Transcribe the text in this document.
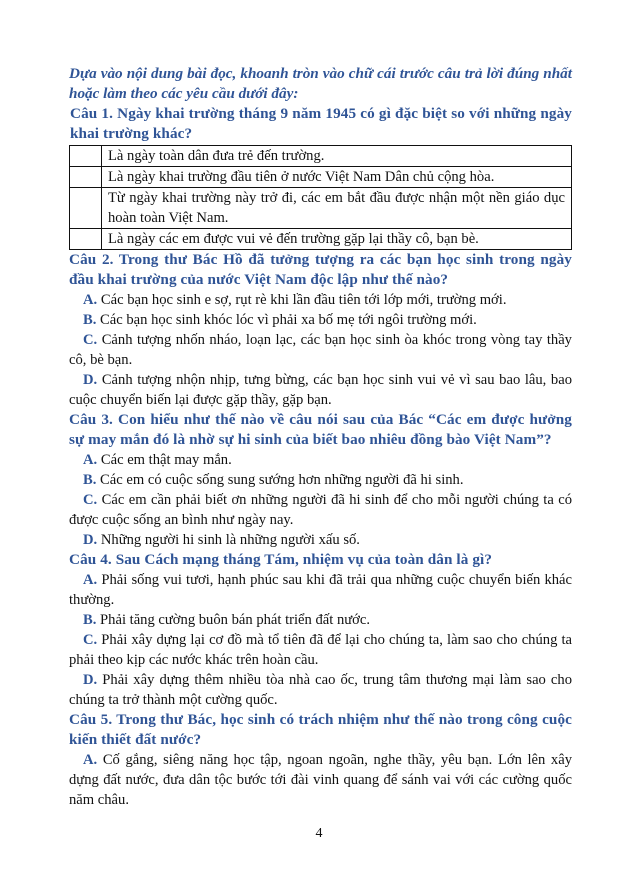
Dựa vào nội dung bài đọc, khoanh tròn vào chữ cái trước câu trả lời đúng nhất hoặc làm theo các yêu cầu dưới đây:

Câu 1. Ngày khai trường tháng 9 năm 1945 có gì đặc biệt so với những ngày khai trường khác?

	Là ngày toàn dân đưa trẻ đến trường.
	Là ngày khai trường đầu tiên ở nước Việt Nam Dân chủ cộng hòa.
	Từ ngày khai trường này trở đi, các em bắt đầu được nhận một nền giáo dục hoàn toàn Việt Nam.
	Là ngày các em được vui vẻ đến trường gặp lại thầy cô, bạn bè.

Câu 2. Trong thư Bác Hồ đã tưởng tượng ra các bạn học sinh trong ngày đầu khai trường của nước Việt Nam độc lập như thế nào?

A. Các bạn học sinh e sợ, rụt rè khi lần đầu tiên tới lớp mới, trường mới.

B. Các bạn học sinh khóc lóc vì phải xa bố mẹ tới ngôi trường mới.

C. Cảnh tượng nhốn nháo, loạn lạc, các bạn học sinh òa khóc trong vòng tay thầy cô, bè bạn.

D. Cảnh tượng nhộn nhịp, tưng bừng, các bạn học sinh vui vẻ vì sau bao lâu, bao cuộc chuyển biến lại được gặp thầy, gặp bạn.

Câu 3. Con hiểu như thế nào về câu nói sau của Bác “Các em được hưởng sự may mắn đó là nhờ sự hi sinh của biết bao nhiêu đồng bào Việt Nam”?

A. Các em thật may mắn.

B. Các em có cuộc sống sung sướng hơn những người đã hi sinh.

C. Các em cần phải biết ơn những người đã hi sinh để cho mỗi người chúng ta có được cuộc sống an bình như ngày nay.

D. Những người hi sinh là những người xấu số.

Câu 4. Sau Cách mạng tháng Tám, nhiệm vụ của toàn dân là gì?

A. Phải sống vui tươi, hạnh phúc sau khi đã trải qua những cuộc chuyển biến khác thường.

B. Phải tăng cường buôn bán phát triển đất nước.

C. Phải xây dựng lại cơ đồ mà tổ tiên đã để lại cho chúng ta, làm sao cho chúng ta phải theo kịp các nước khác trên hoàn cầu.

D. Phải xây dựng thêm nhiều tòa nhà cao ốc, trung tâm thương mại làm sao cho chúng ta trở thành một cường quốc.

Câu 5. Trong thư Bác, học sinh có trách nhiệm như thế nào trong công cuộc kiến thiết đất nước?

A. Cố gắng, siêng năng học tập, ngoan ngoãn, nghe thầy, yêu bạn. Lớn lên xây dựng đất nước, đưa dân tộc bước tới đài vinh quang để sánh vai với các cường quốc năm châu.

4
